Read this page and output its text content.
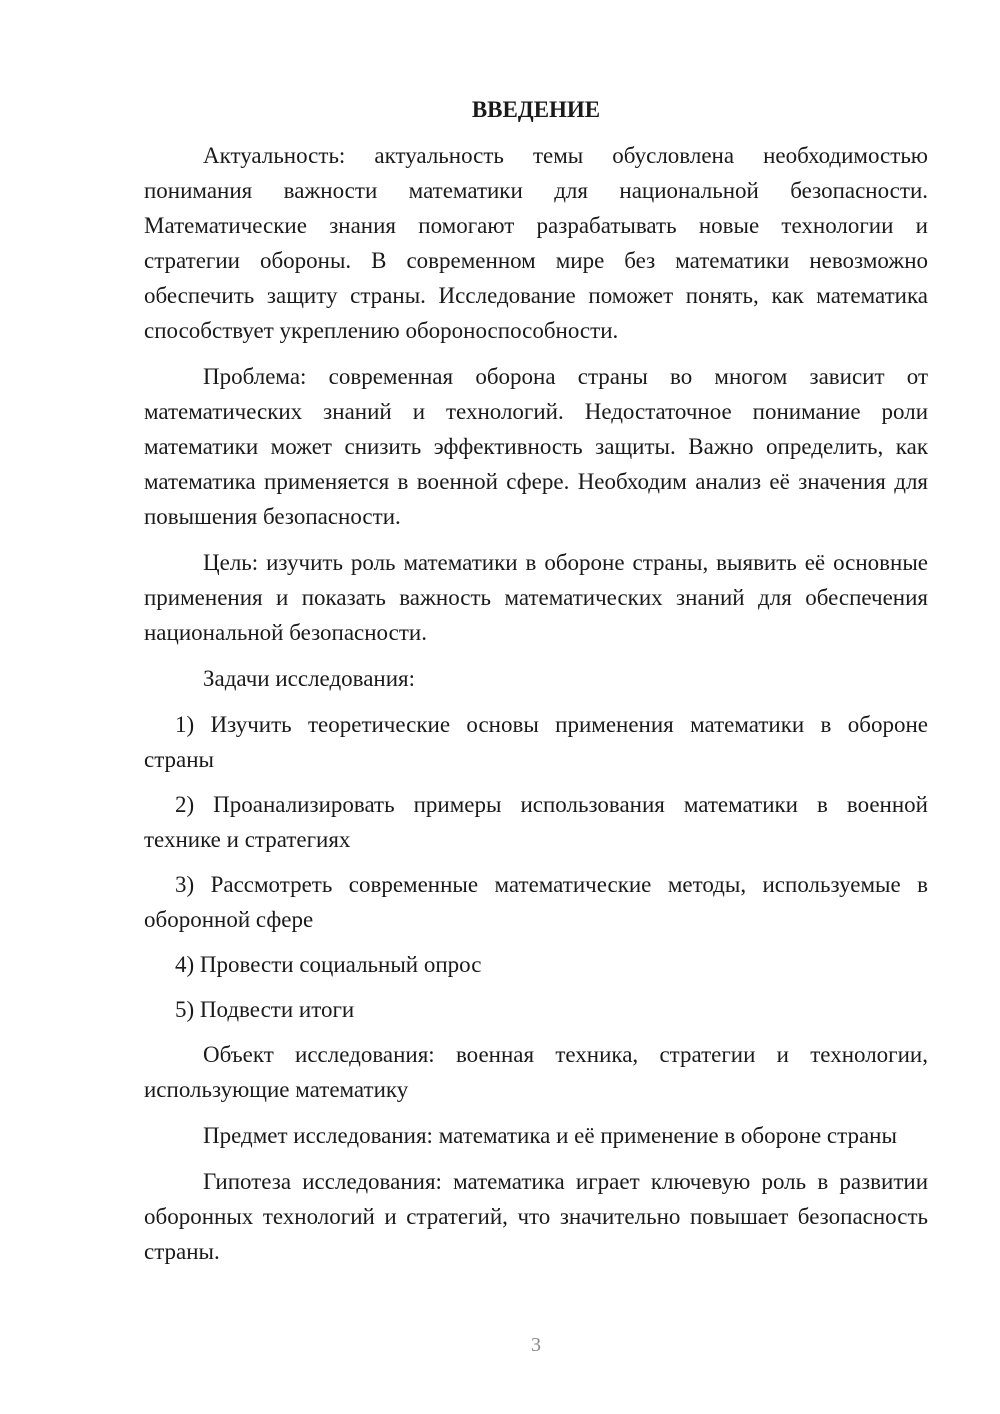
ВВЕДЕНИЕ
Актуальность: актуальность темы обусловлена необходимостью понимания важности математики для национальной безопасности. Математические знания помогают разрабатывать новые технологии и стратегии обороны. В современном мире без математики невозможно обеспечить защиту страны. Исследование поможет понять, как математика способствует укреплению обороноспособности.
Проблема: современная оборона страны во многом зависит от математических знаний и технологий. Недостаточное понимание роли математики может снизить эффективность защиты. Важно определить, как математика применяется в военной сфере. Необходим анализ её значения для повышения безопасности.
Цель: изучить роль математики в обороне страны, выявить её основные применения и показать важность математических знаний для обеспечения национальной безопасности.
Задачи исследования:
1) Изучить теоретические основы применения математики в обороне страны
2) Проанализировать примеры использования математики в военной технике и стратегиях
3) Рассмотреть современные математические методы, используемые в оборонной сфере
4) Провести социальный опрос
5) Подвести итоги
Объект исследования: военная техника, стратегии и технологии, использующие математику
Предмет исследования: математика и её применение в обороне страны
Гипотеза исследования: математика играет ключевую роль в развитии оборонных технологий и стратегий, что значительно повышает безопасность страны.
3
